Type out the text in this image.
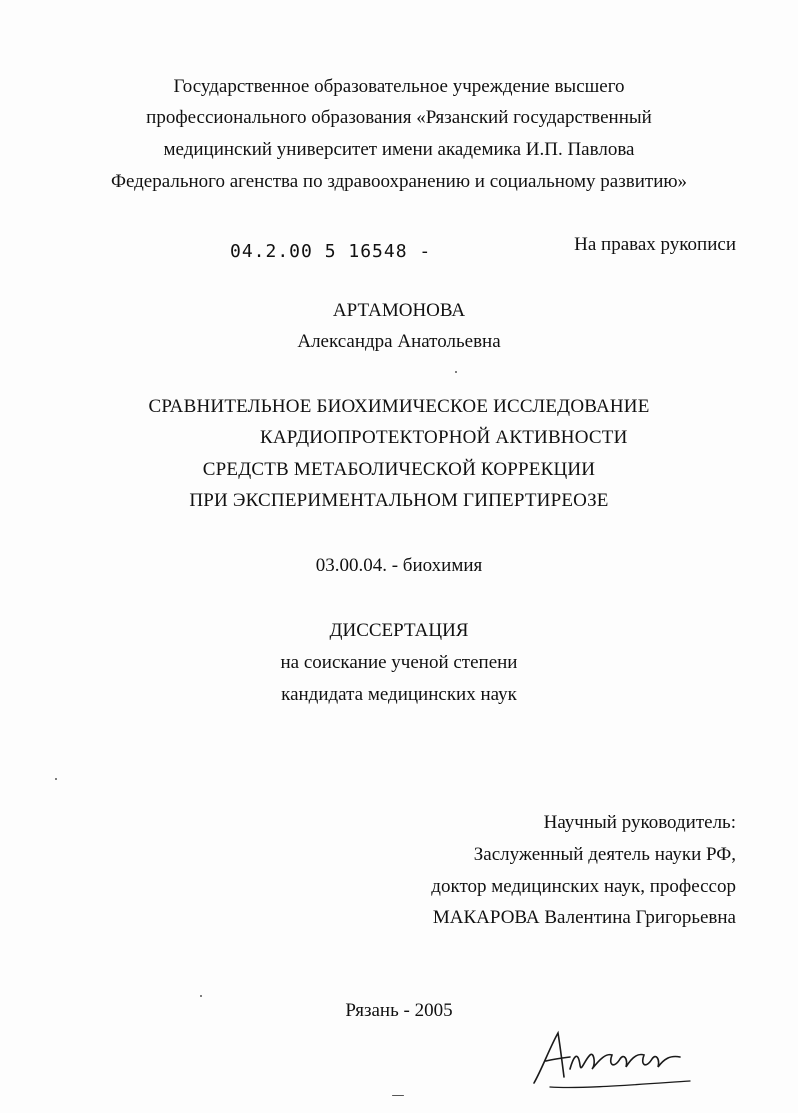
Государственное образовательное учреждение высшего
профессионального образования «Рязанский государственный
медицинский университет имени академика И.П. Павлова
Федерального агенства по здравоохранению и социальному развитию»
04.2.00 5 16548 -	На правах рукописи
АРТАМОНОВА
Александра Анатольевна
СРАВНИТЕЛЬНОЕ БИОХИМИЧЕСКОЕ ИССЛЕДОВАНИЕ
КАРДИОПРОТЕКТОРНОЙ АКТИВНОСТИ
СРЕДСТВ МЕТАБОЛИЧЕСКОЙ КОРРЕКЦИИ
ПРИ ЭКСПЕРИМЕНТАЛЬНОМ ГИПЕРТИРЕОЗЕ
03.00.04. - биохимия
ДИССЕРТАЦИЯ
на соискание ученой степени
кандидата медицинских наук
Научный руководитель:
Заслуженный деятель науки РФ,
доктор медицинских наук, профессор
МАКАРОВА Валентина Григорьевна
Рязань - 2005
